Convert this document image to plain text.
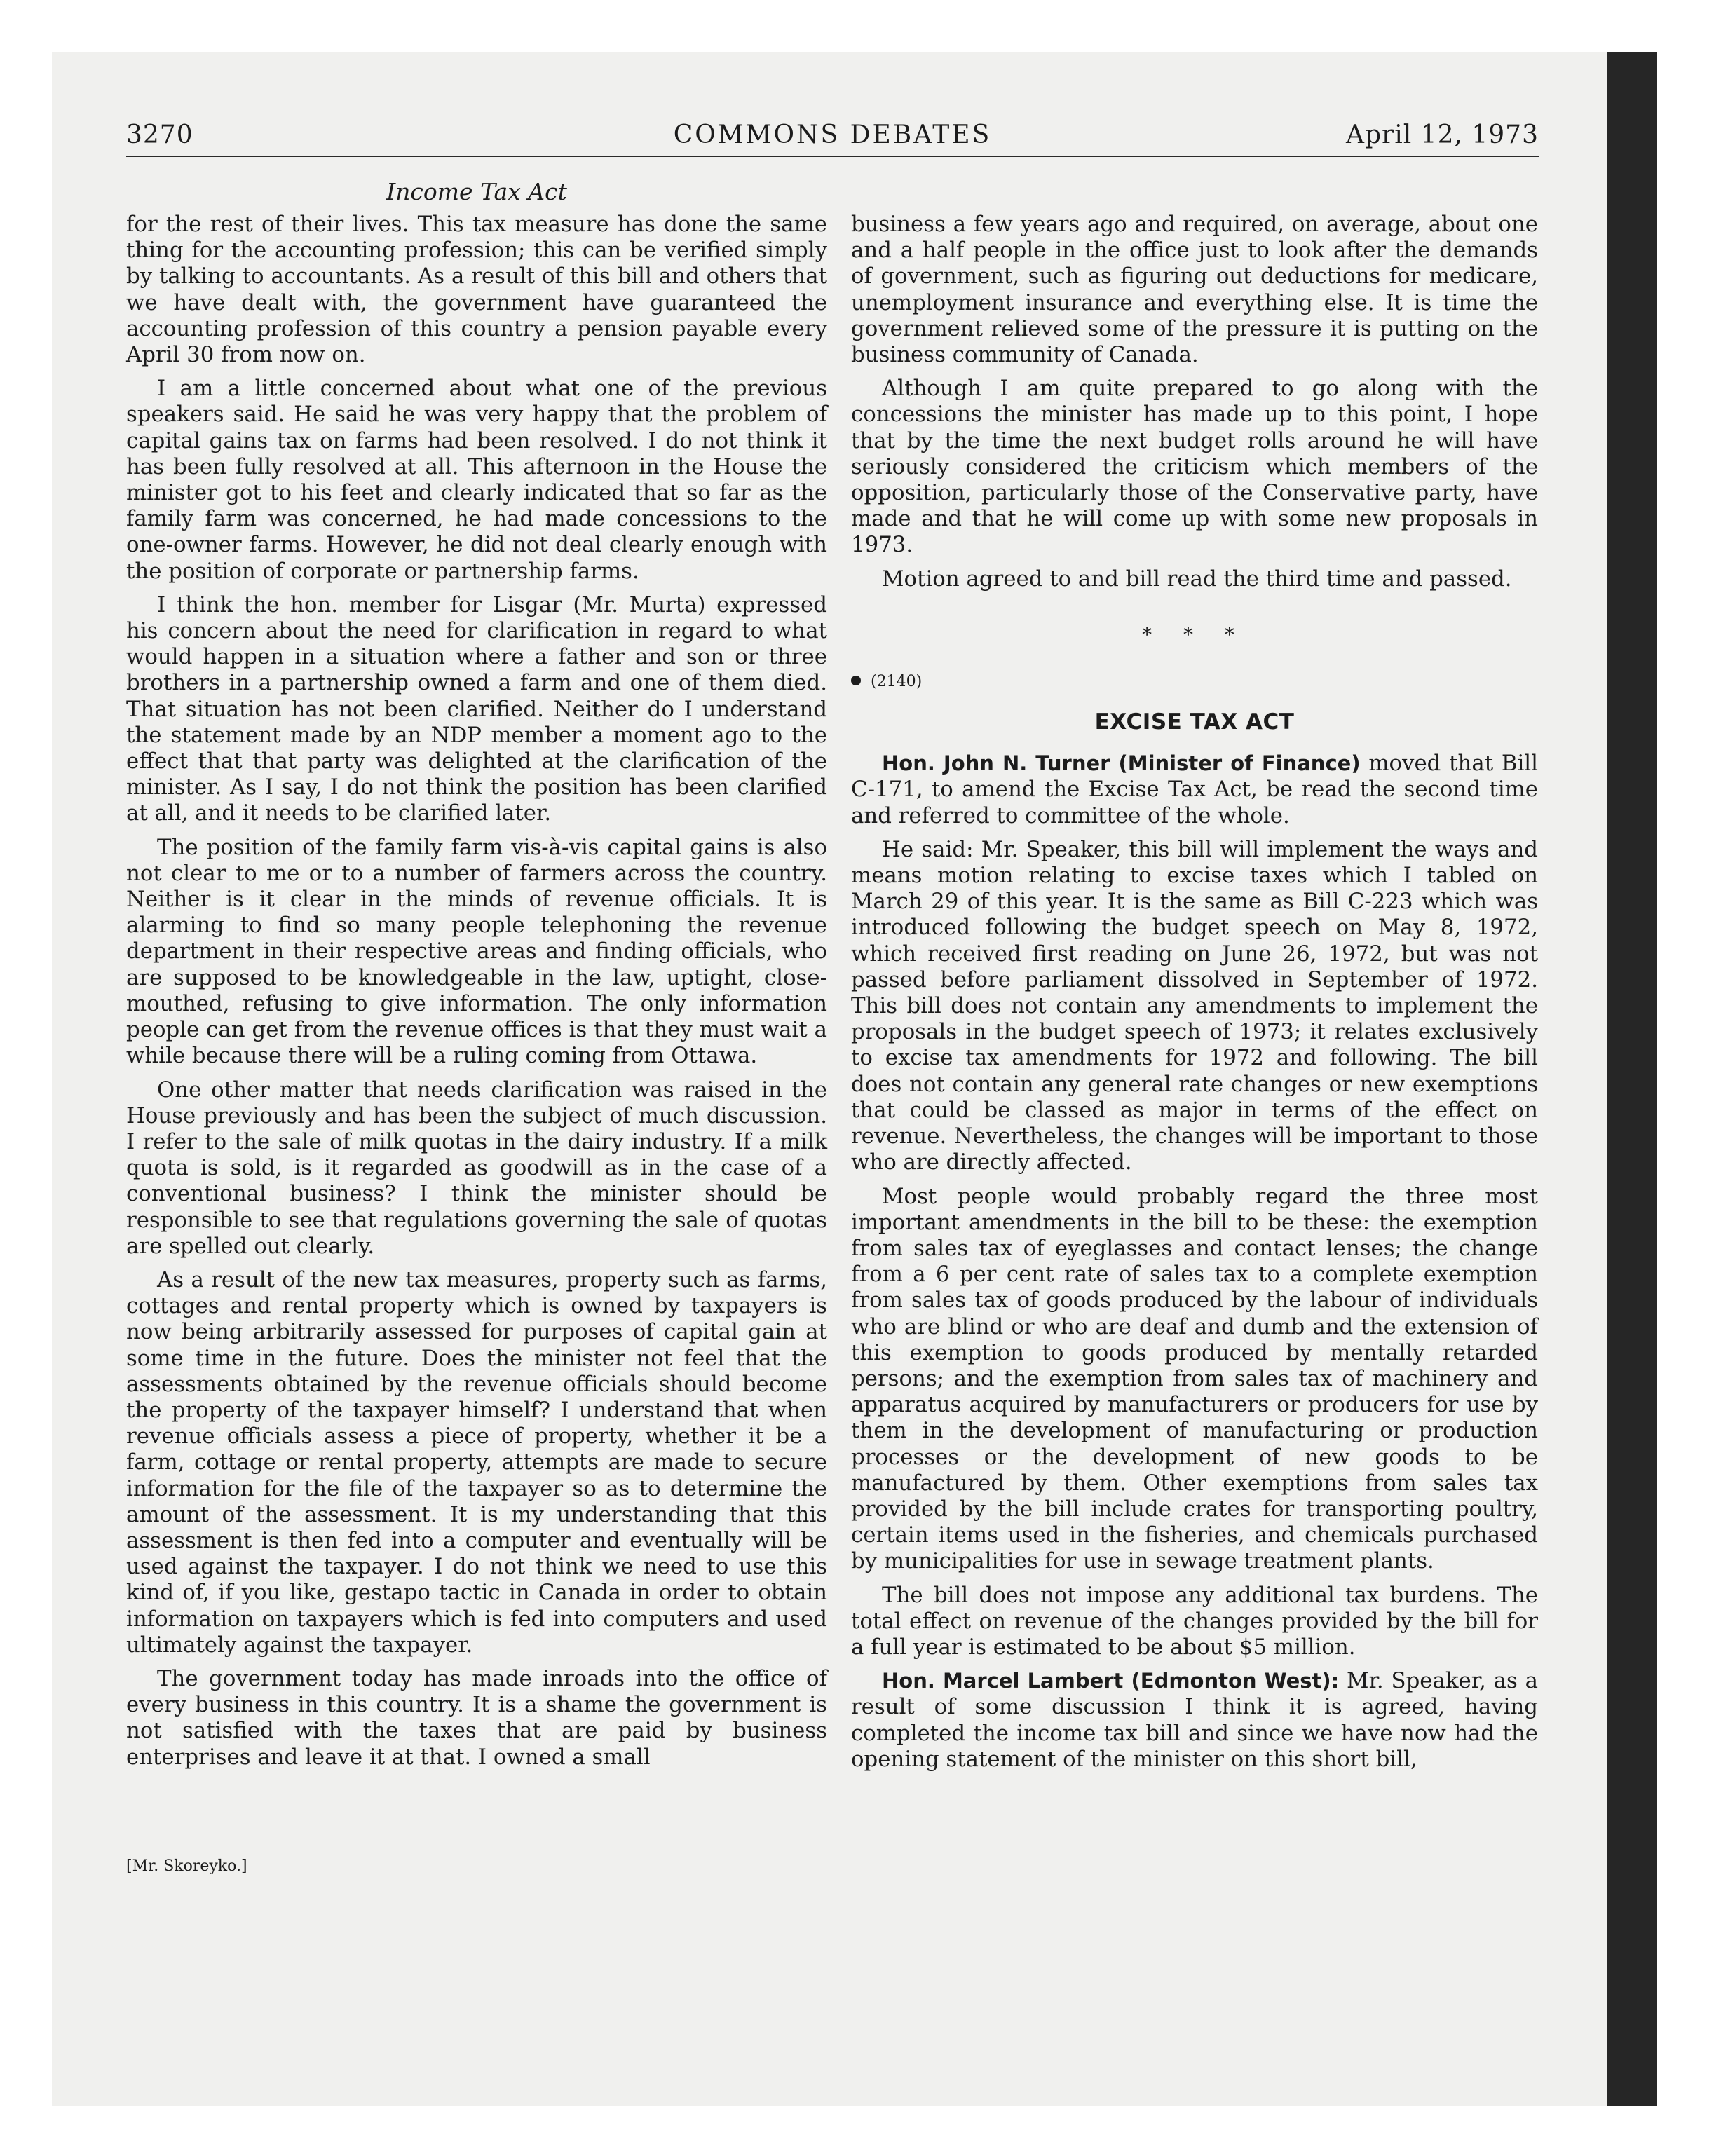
3270	COMMONS DEBATES	April 12, 1973
Income Tax Act

for the rest of their lives. This tax measure has done the same thing for the accounting profession; this can be verified simply by talking to accountants. As a result of this bill and others that we have dealt with, the government have guaranteed the accounting profession of this country a pension payable every April 30 from now on.

I am a little concerned about what one of the previous speakers said. He said he was very happy that the problem of capital gains tax on farms had been resolved. I do not think it has been fully resolved at all. This afternoon in the House the minister got to his feet and clearly indicated that so far as the family farm was concerned, he had made concessions to the one-owner farms. However, he did not deal clearly enough with the position of corporate or partnership farms.

I think the hon. member for Lisgar (Mr. Murta) expressed his concern about the need for clarification in regard to what would happen in a situation where a father and son or three brothers in a partnership owned a farm and one of them died. That situation has not been clarified. Neither do I understand the statement made by an NDP member a moment ago to the effect that that party was delighted at the clarification of the minister. As I say, I do not think the position has been clarified at all, and it needs to be clarified later.

The position of the family farm vis-à-vis capital gains is also not clear to me or to a number of farmers across the country. Neither is it clear in the minds of revenue officials. It is alarming to find so many people telephoning the revenue department in their respective areas and finding officials, who are supposed to be knowledgeable in the law, uptight, close-mouthed, refusing to give information. The only information people can get from the revenue offices is that they must wait a while because there will be a ruling coming from Ottawa.

One other matter that needs clarification was raised in the House previously and has been the subject of much discussion. I refer to the sale of milk quotas in the dairy industry. If a milk quota is sold, is it regarded as goodwill as in the case of a conventional business? I think the minister should be responsible to see that regulations governing the sale of quotas are spelled out clearly.

As a result of the new tax measures, property such as farms, cottages and rental property which is owned by taxpayers is now being arbitrarily assessed for purposes of capital gain at some time in the future. Does the minister not feel that the assessments obtained by the revenue officials should become the property of the taxpayer himself? I understand that when revenue officials assess a piece of property, whether it be a farm, cottage or rental property, attempts are made to secure information for the file of the taxpayer so as to determine the amount of the assessment. It is my understanding that this assessment is then fed into a computer and eventually will be used against the taxpayer. I do not think we need to use this kind of, if you like, gestapo tactic in Canada in order to obtain information on taxpayers which is fed into computers and used ultimately against the taxpayer.

The government today has made inroads into the office of every business in this country. It is a shame the government is not satisfied with the taxes that are paid by business enterprises and leave it at that. I owned a small

business a few years ago and required, on average, about one and a half people in the office just to look after the demands of government, such as figuring out deductions for medicare, unemployment insurance and everything else. It is time the government relieved some of the pressure it is putting on the business community of Canada.

Although I am quite prepared to go along with the concessions the minister has made up to this point, I hope that by the time the next budget rolls around he will have seriously considered the criticism which members of the opposition, particularly those of the Conservative party, have made and that he will come up with some new proposals in 1973.

Motion agreed to and bill read the third time and passed.

* * *
(2140)
EXCISE TAX ACT

Hon. John N. Turner (Minister of Finance) moved that Bill C-171, to amend the Excise Tax Act, be read the second time and referred to committee of the whole.

He said: Mr. Speaker, this bill will implement the ways and means motion relating to excise taxes which I tabled on March 29 of this year. It is the same as Bill C-223 which was introduced following the budget speech on May 8, 1972, which received first reading on June 26, 1972, but was not passed before parliament dissolved in September of 1972. This bill does not contain any amendments to implement the proposals in the budget speech of 1973; it relates exclusively to excise tax amendments for 1972 and following. The bill does not contain any general rate changes or new exemptions that could be classed as major in terms of the effect on revenue. Nevertheless, the changes will be important to those who are directly affected.

Most people would probably regard the three most important amendments in the bill to be these: the exemption from sales tax of eyeglasses and contact lenses; the change from a 6 per cent rate of sales tax to a complete exemption from sales tax of goods produced by the labour of individuals who are blind or who are deaf and dumb and the extension of this exemption to goods produced by mentally retarded persons; and the exemption from sales tax of machinery and apparatus acquired by manufacturers or producers for use by them in the development of manufacturing or production processes or the development of new goods to be manufactured by them. Other exemptions from sales tax provided by the bill include crates for transporting poultry, certain items used in the fisheries, and chemicals purchased by municipalities for use in sewage treatment plants.

The bill does not impose any additional tax burdens. The total effect on revenue of the changes provided by the bill for a full year is estimated to be about $5 million.

Hon. Marcel Lambert (Edmonton West): Mr. Speaker, as a result of some discussion I think it is agreed, having completed the income tax bill and since we have now had the opening statement of the minister on this short bill,

[Mr. Skoreyko.]
